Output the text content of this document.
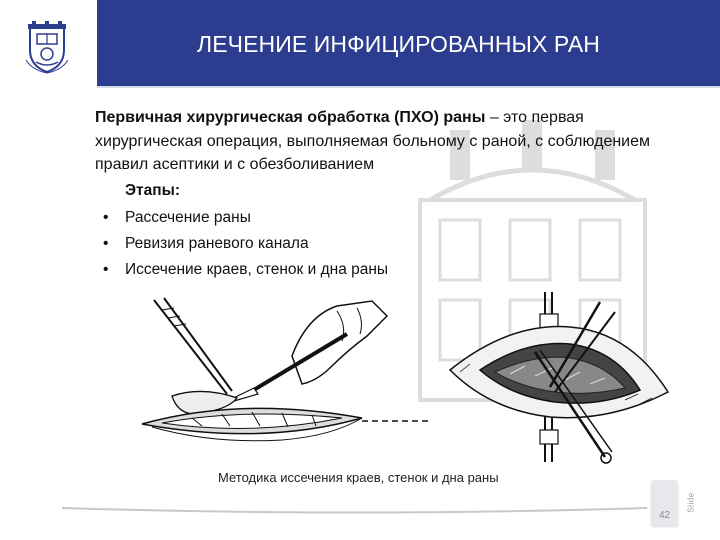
ЛЕЧЕНИЕ ИНФИЦИРОВАННЫХ РАН
Первичная хирургическая обработка (ПХО) раны – это первая хирургическая операция, выполняемая больному с раной, с соблюдением правил асептики и с обезболиванием
Этапы:
• Рассечение раны
• Ревизия раневого канала
• Иссечение краев, стенок и дна раны
Методика иссечения краев, стенок и дна раны
42
Slide
